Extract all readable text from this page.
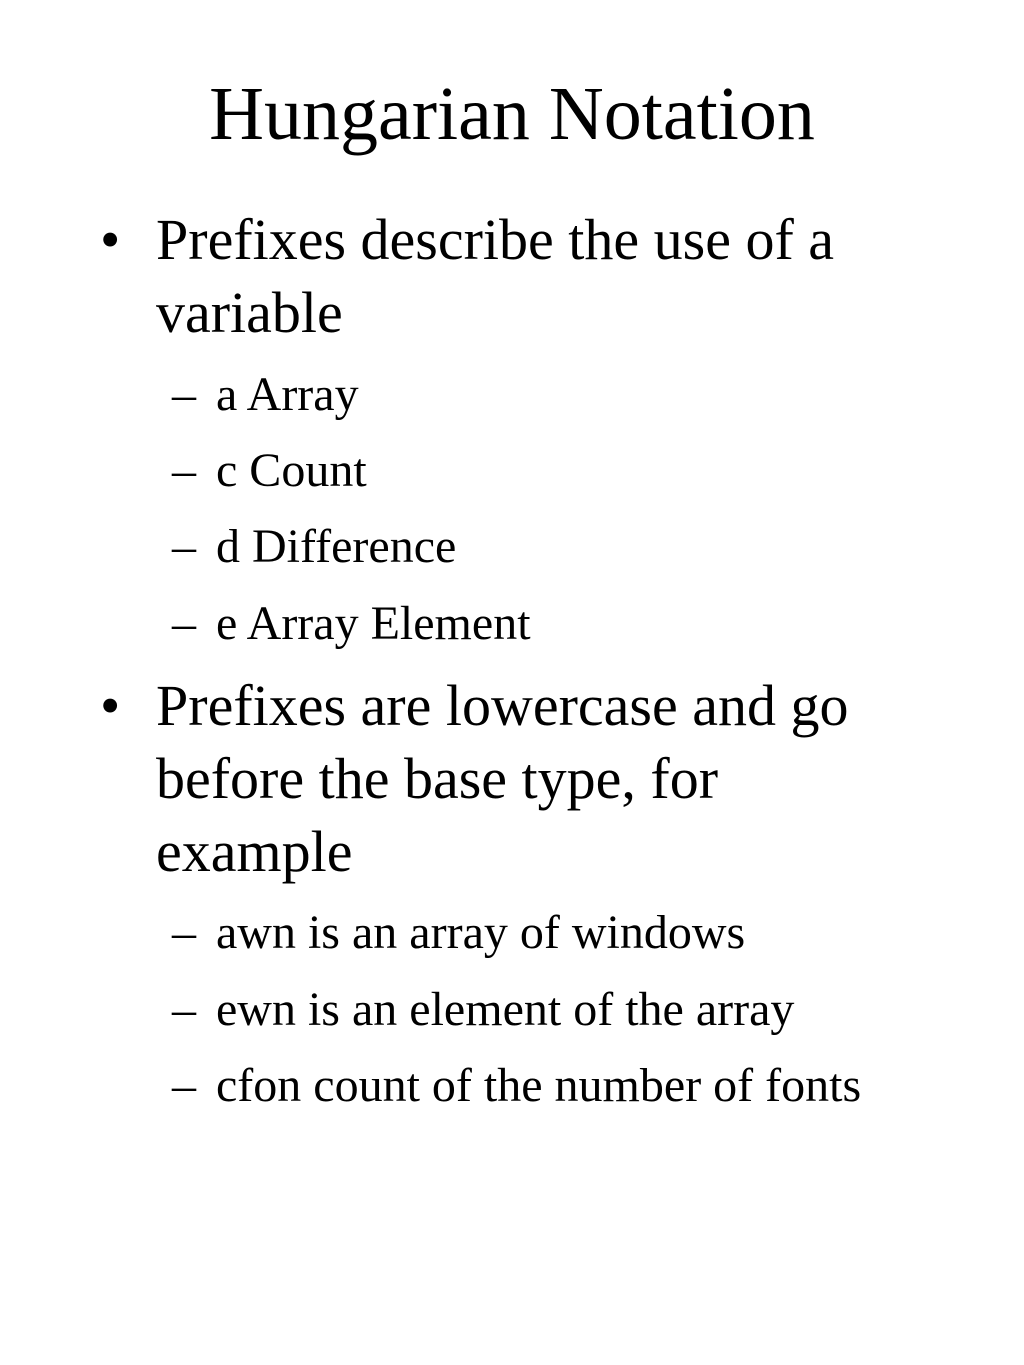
Hungarian Notation
• Prefixes describe the use of a
variable
– a Array
– c Count
– d Difference
– e Array Element
• Prefixes are lowercase and go
before the base type, for
example
– awn is an array of windows
– ewn is an element of the array
– cfon count of the number of fonts
